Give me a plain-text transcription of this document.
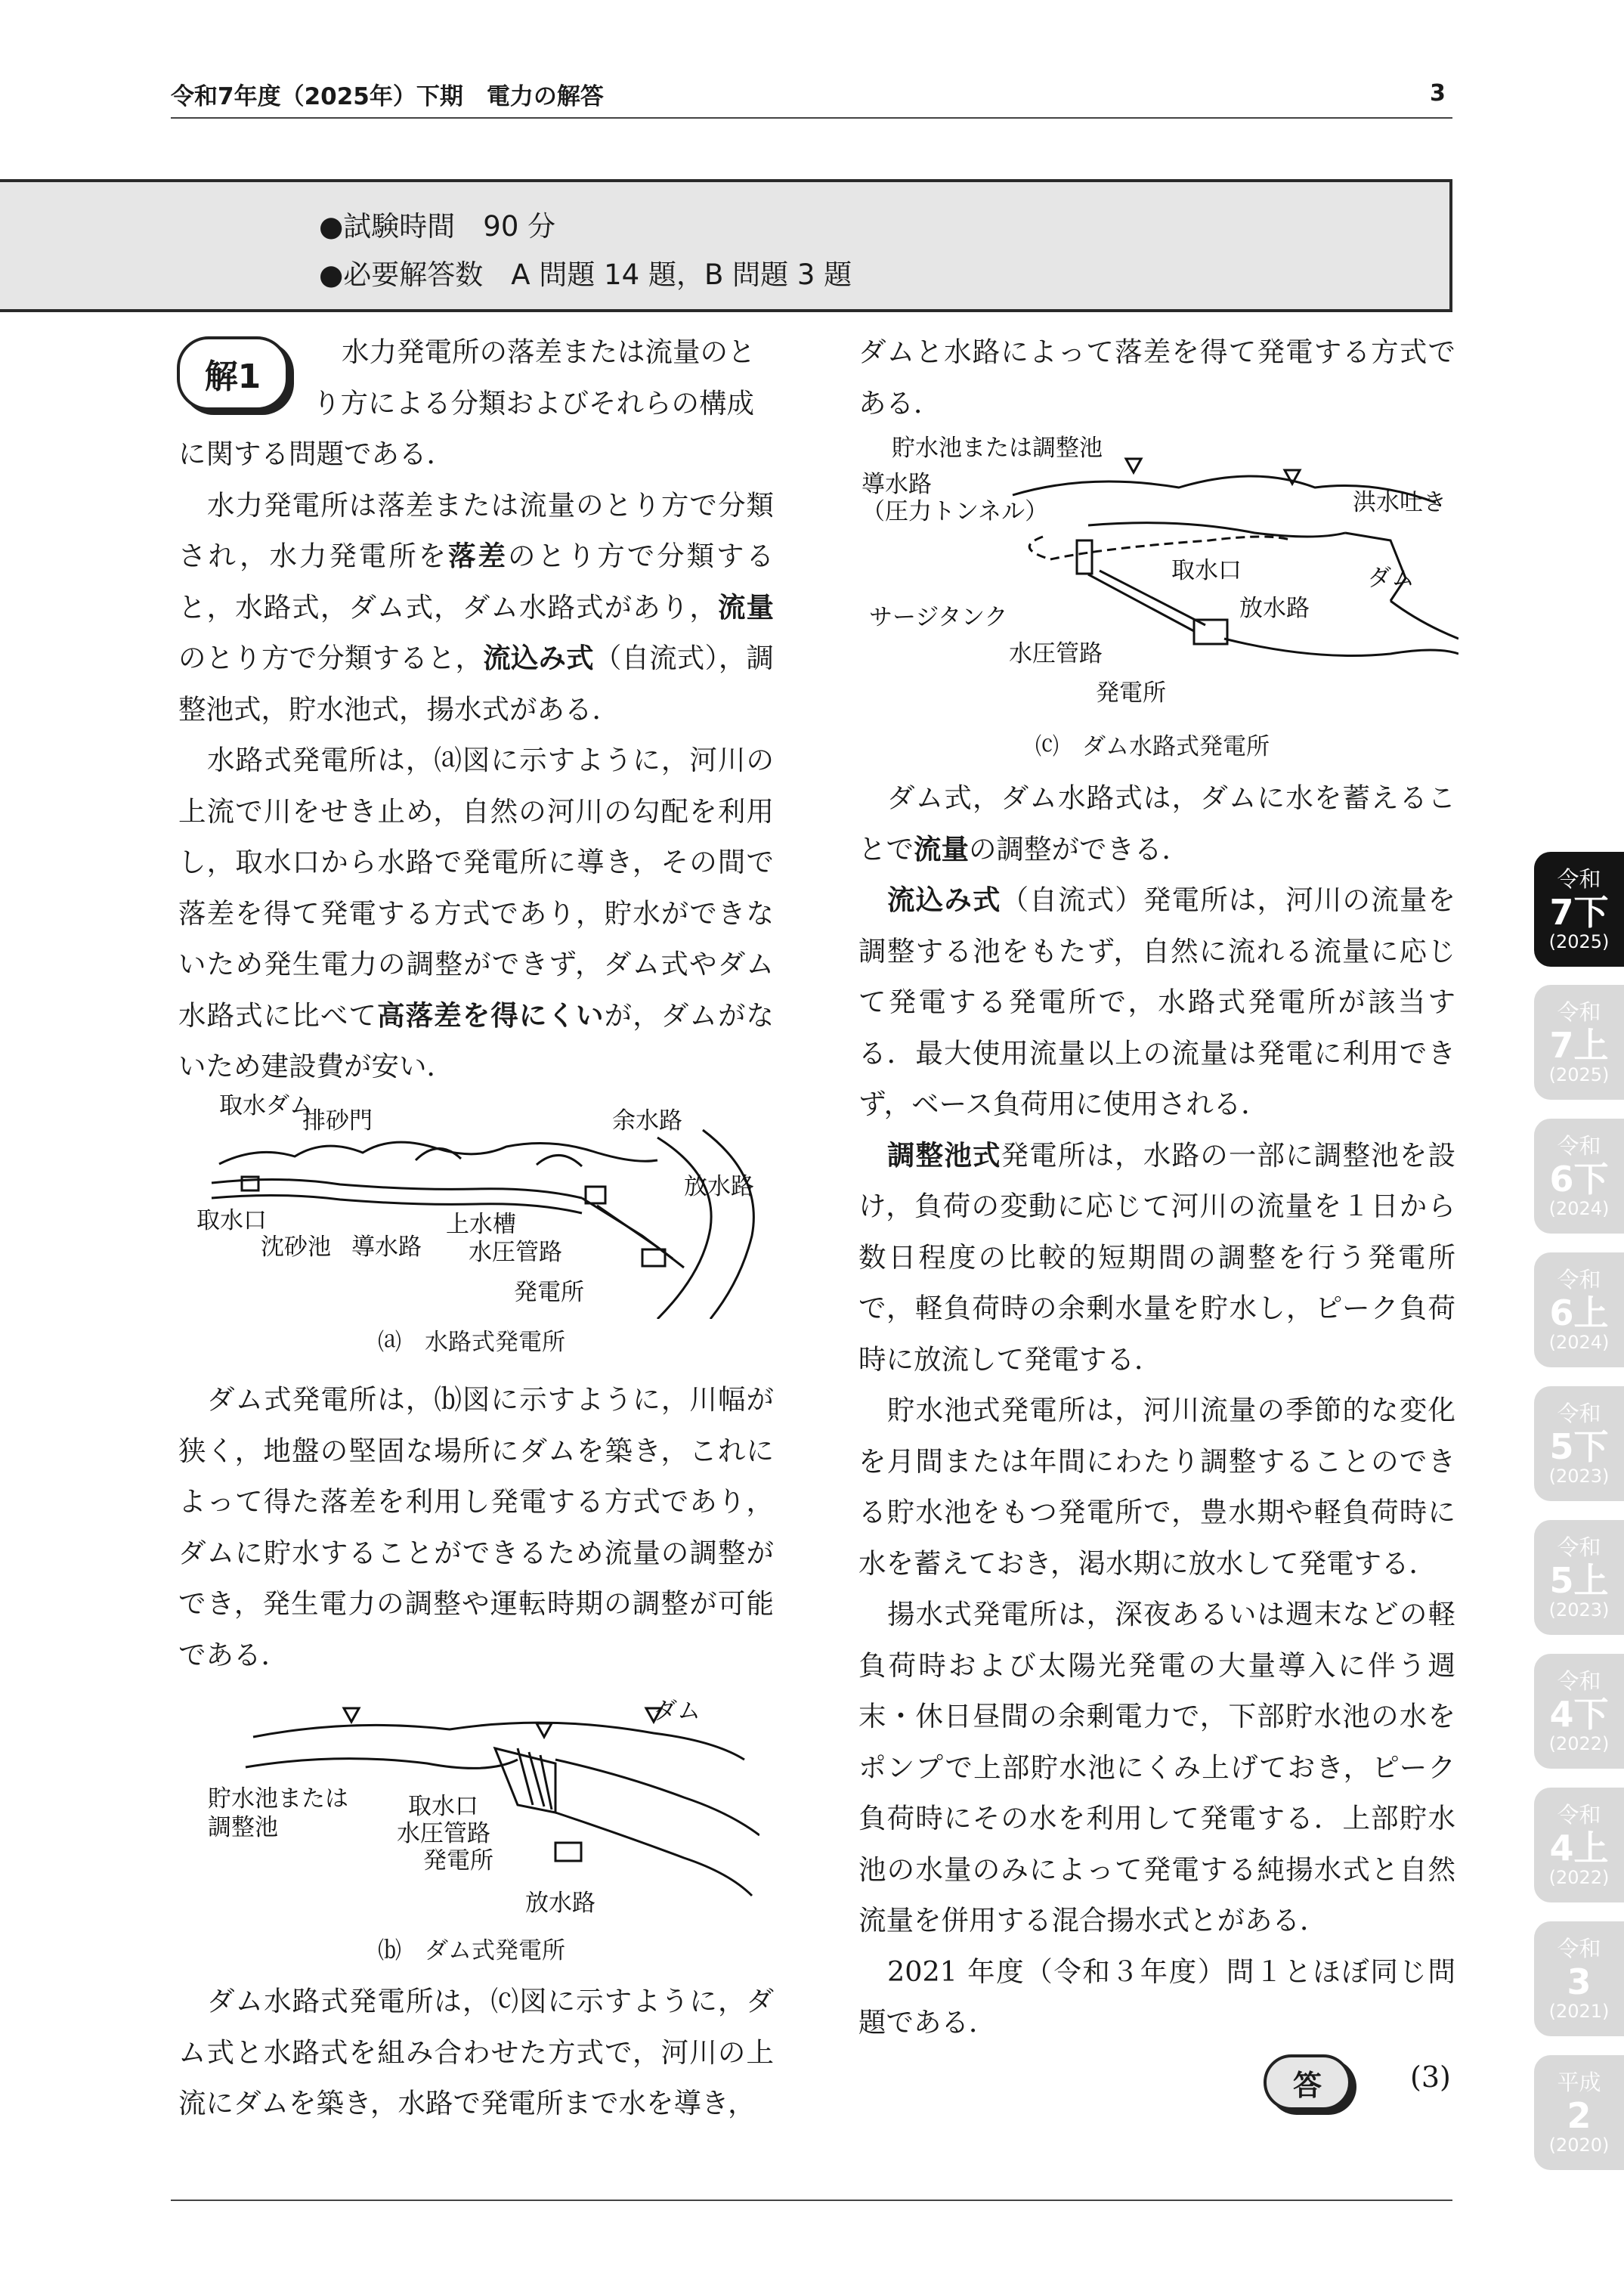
令和7年度（2025年）下期　電力の解答	3
●試験時間　90 分
●必要解答数　A 問題 14 題，B 問題 3 題
解1

水力発電所の落差または流量のと

り方による分類およびそれらの構成

に関する問題である．

水力発電所は落差または流量のとり方で分類され，水力発電所を落差のとり方で分類すると，水路式，ダム式，ダム水路式があり，流量のとり方で分類すると，流込み式（自流式），調整池式，貯水池式，揚水式がある．

水路式発電所は，⒜図に示すように，河川の上流で川をせき止め，自然の河川の勾配を利用し，取水口から水路で発電所に導き，その間で落差を得て発電する方式であり，貯水ができないため発生電力の調整ができず，ダム式やダム水路式に比べて高落差を得にくいが，ダムがないため建設費が安い．

取水ダム
排砂門	余水路
放水路
取水口
沈砂池 導水路
上水槽
水圧管路
発電所
⒜　水路式発電所

ダム式発電所は，⒝図に示すように，川幅が狭く，地盤の堅固な場所にダムを築き，これによって得た落差を利用し発電する方式であり，ダムに貯水することができるため流量の調整ができ，発生電力の調整や運転時期の調整が可能である．

ダム
貯水池または
調整池
取水口
水圧管路
発電所
放水路
⒝　ダム式発電所

ダム水路式発電所は，⒞図に示すように，ダム式と水路式を組み合わせた方式で，河川の上流にダムを築き，水路で発電所まで水を導き，

ダムと水路によって落差を得て発電する方式である．

貯水池または調整池
導水路
（圧力トンネル）	洪水吐き
取水口	ダム
サージタンク	放水路
水圧管路
発電所
⒞　ダム水路式発電所

ダム式，ダム水路式は，ダムに水を蓄えることで流量の調整ができる．

流込み式（自流式）発電所は，河川の流量を調整する池をもたず，自然に流れる流量に応じて発電する発電所で，水路式発電所が該当する．最大使用流量以上の流量は発電に利用できず，ベース負荷用に使用される．

調整池式発電所は，水路の一部に調整池を設け，負荷の変動に応じて河川の流量を１日から数日程度の比較的短期間の調整を行う発電所で，軽負荷時の余剰水量を貯水し，ピーク負荷時に放流して発電する．

貯水池式発電所は，河川流量の季節的な変化を月間または年間にわたり調整することのできる貯水池をもつ発電所で，豊水期や軽負荷時に水を蓄えておき，渇水期に放水して発電する．

揚水式発電所は，深夜あるいは週末などの軽負荷時および太陽光発電の大量導入に伴う週末・休日昼間の余剰電力で，下部貯水池の水をポンプで上部貯水池にくみ上げておき，ピーク負荷時にその水を利用して発電する．上部貯水池の水量のみによって発電する純揚水式と自然流量を併用する混合揚水式とがある．

2021 年度（令和３年度）問１とほぼ同じ問題である．

答	(3)
令和
7下
(2025)
令和
7上
(2025)
令和
6下
(2024)
令和
6上
(2024)
令和
5下
(2023)
令和
5上
(2023)
令和
4下
(2022)
令和
4上
(2022)
令和
3
(2021)
平成
2
(2020)
